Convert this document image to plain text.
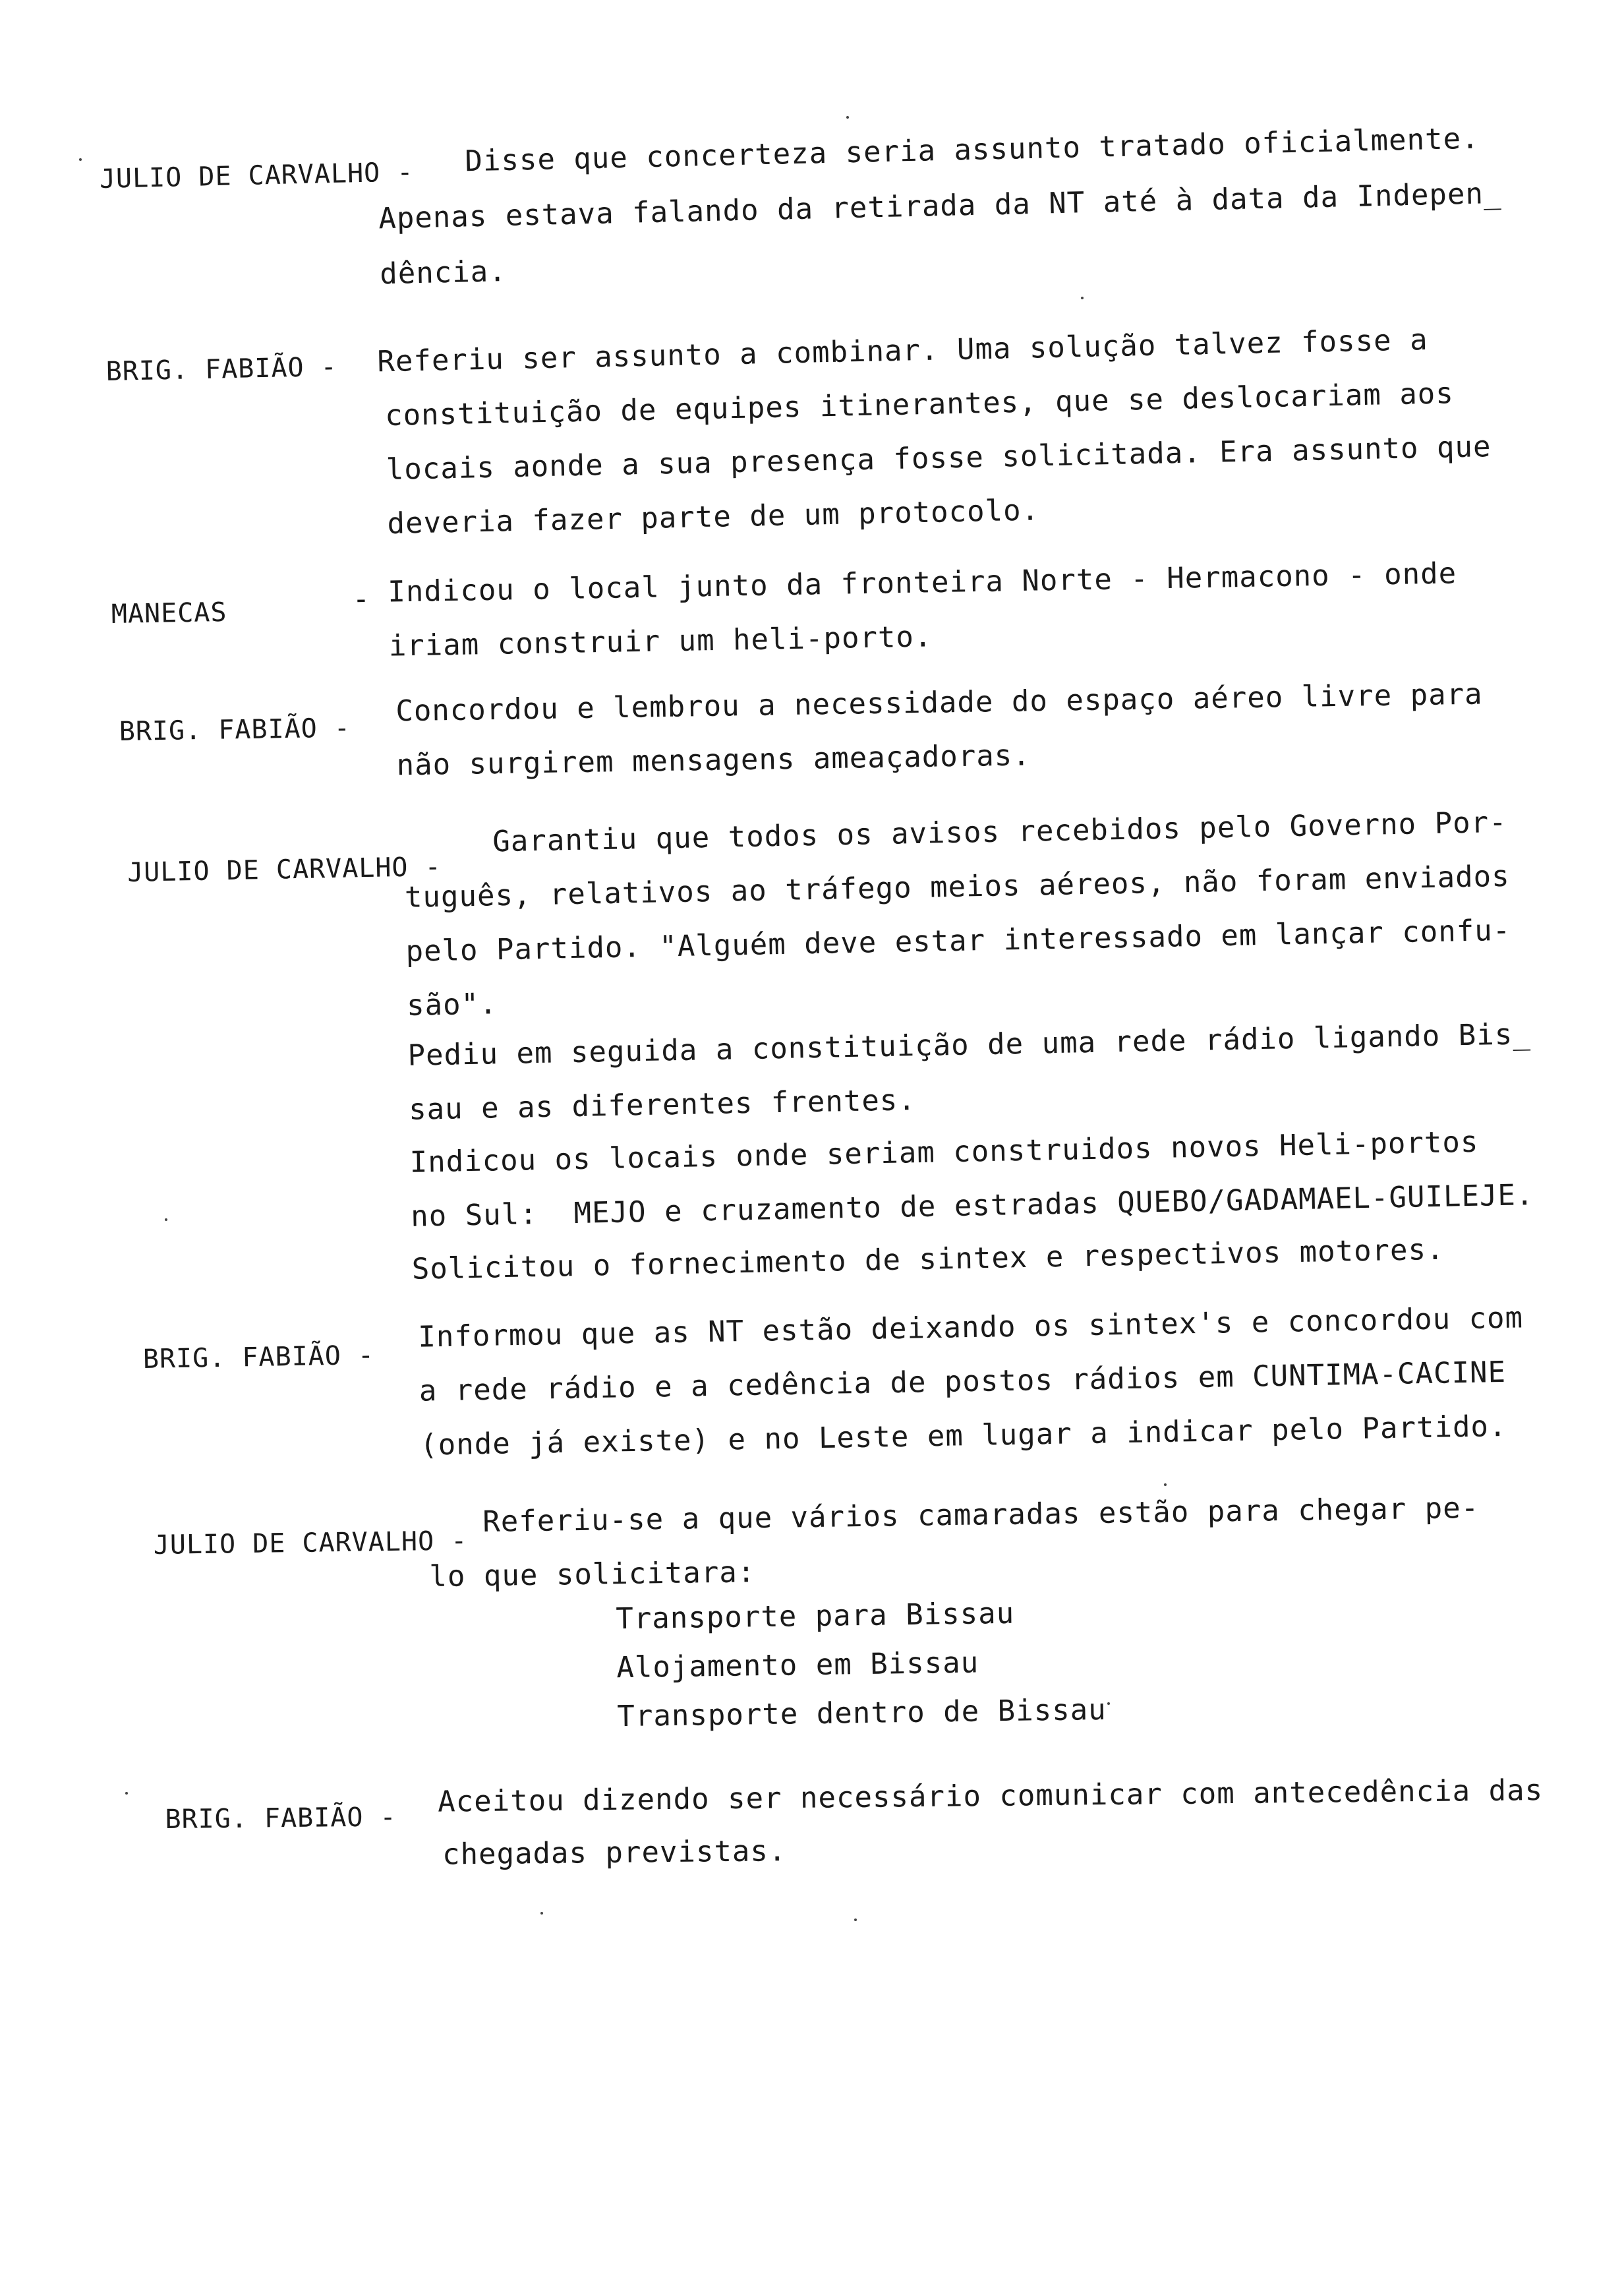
JULIO DE CARVALHO - Disse que concerteza seria assunto tratado oficialmente.
Apenas estava falando da retirada da NT até à data da Indepen_
dência.
BRIG. FABIÃO - Referiu ser assunto a combinar. Uma solução talvez fosse a
constituição de equipes itinerantes, que se deslocariam aos
locais aonde a sua presença fosse solicitada. Era assunto que
deveria fazer parte de um protocolo.
MANECAS	- Indicou o local junto da fronteira Norte - Hermacono - onde
iriam construir um heli-porto.
BRIG. FABIÃO -
Concordou e lembrou a necessidade do espaço aéreo livre para
não surgirem mensagens ameaçadoras.
JULIO DE CARVALHO -
Garantiu que todos os avisos recebidos pelo Governo Por-
tuguês, relativos ao tráfego meios aéreos, não foram enviados
pelo Partido. "Alguém deve estar interessado em lançar confu-
são".
Pediu em seguida a constituição de uma rede rádio ligando Bis_
sau e as diferentes frentes.
Indicou os locais onde seriam construidos novos Heli-portos
no Sul:  MEJO e cruzamento de estradas QUEBO/GADAMAEL-GUILEJE.
Solicitou o fornecimento de sintex e respectivos motores.
BRIG. FABIÃO -
Informou que as NT estão deixando os sintex's e concordou com
a rede rádio e a cedência de postos rádios em CUNTIMA-CACINE
(onde já existe) e no Leste em lugar a indicar pelo Partido.
JULIO DE CARVALHO -
Referiu-se a que vários camaradas estão para chegar pe-
lo que solicitara:
Transporte para Bissau
Alojamento em Bissau
Transporte dentro de Bissau
BRIG. FABIÃO - Aceitou dizendo ser necessário comunicar com antecedência das
chegadas previstas.
